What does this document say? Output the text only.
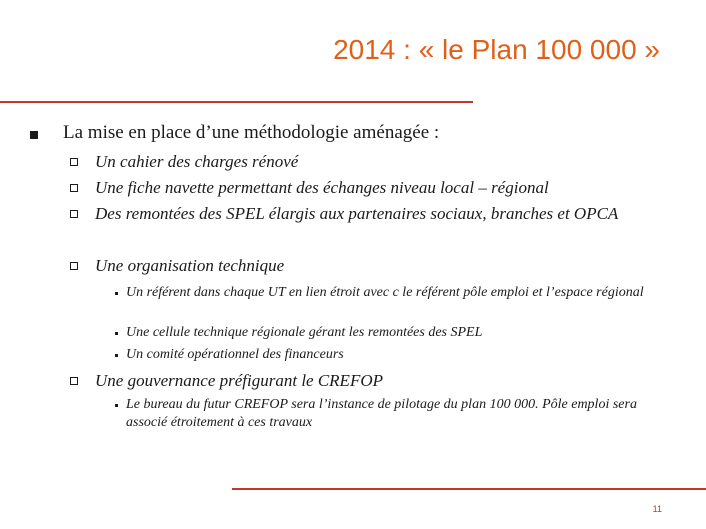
2014 : « le Plan 100 000 »
La mise en place d’une méthodologie aménagée :
Un cahier des charges rénové
Une fiche navette permettant des échanges niveau local – régional
Des remontées des SPEL élargis aux partenaires sociaux, branches et OPCA
Une organisation technique
Un référent dans chaque UT en lien étroit avec c le référent pôle emploi et l’espace régional
Une cellule technique régionale gérant les remontées des SPEL
Un comité opérationnel des financeurs
Une gouvernance préfigurant le CREFOP
Le bureau du futur CREFOP sera l’instance de pilotage du plan 100 000. Pôle emploi sera associé étroitement à ces travaux
11
